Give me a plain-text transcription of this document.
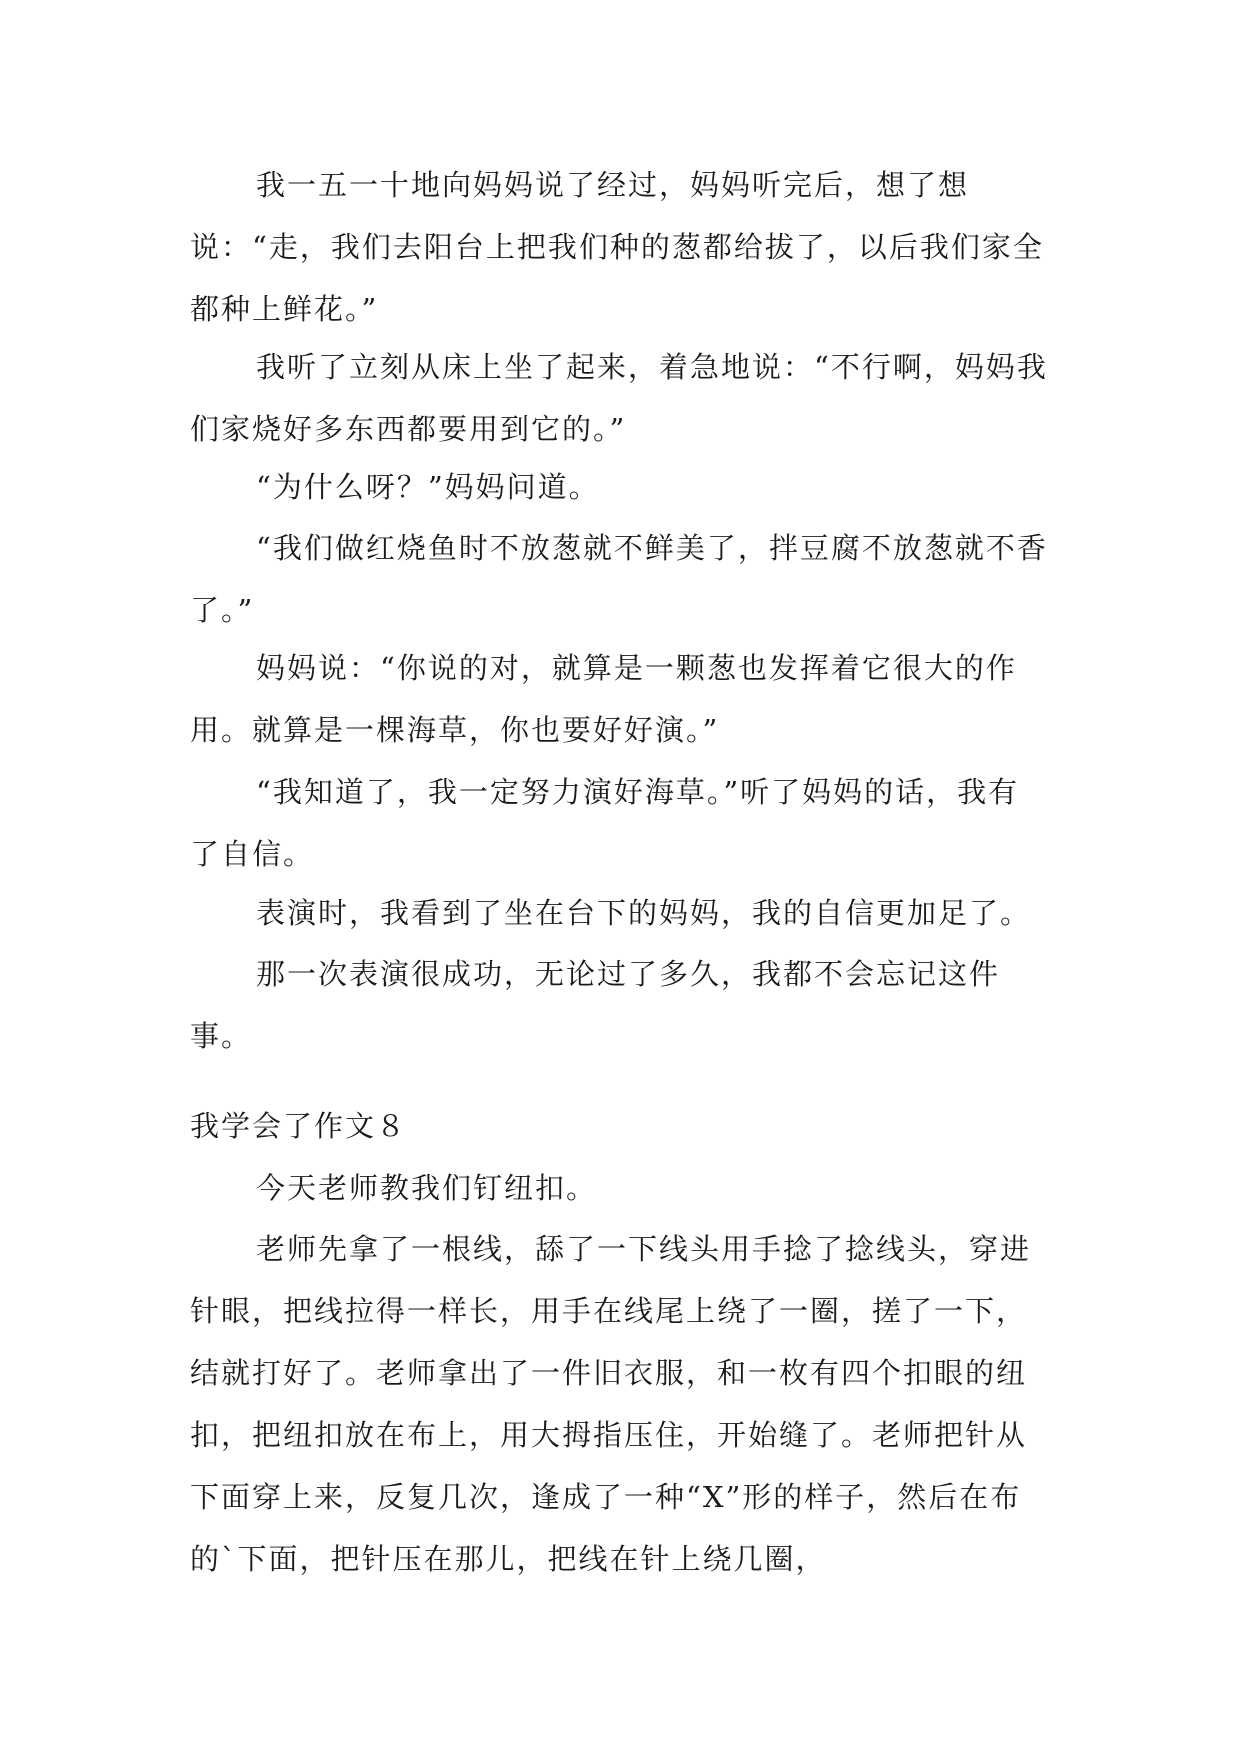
我一五一十地向妈妈说了经过，妈妈听完后，想了想说：“走，我们去阳台上把我们种的葱都给拔了，以后我们家全都种上鲜花。”

我听了立刻从床上坐了起来，着急地说：“不行啊，妈妈我们家烧好多东西都要用到它的。”

“为什么呀？”妈妈问道。

“我们做红烧鱼时不放葱就不鲜美了，拌豆腐不放葱就不香了。”

妈妈说：“你说的对，就算是一颗葱也发挥着它很大的作用。就算是一棵海草，你也要好好演。”

“我知道了，我一定努力演好海草。”听了妈妈的话，我有了自信。

表演时，我看到了坐在台下的妈妈，我的自信更加足了。

那一次表演很成功，无论过了多久，我都不会忘记这件事。

我学会了作文８

今天老师教我们钉纽扣。

老师先拿了一根线，舔了一下线头用手捻了捻线头，穿进针眼，把线拉得一样长，用手在线尾上绕了一圈，搓了一下，结就打好了。老师拿出了一件旧衣服，和一枚有四个扣眼的纽扣，把纽扣放在布上，用大拇指压住，开始缝了。老师把针从下面穿上来，反复几次，逢成了一种“X”形的样子，然后在布的`下面，把针压在那儿，把线在针上绕几圈，
